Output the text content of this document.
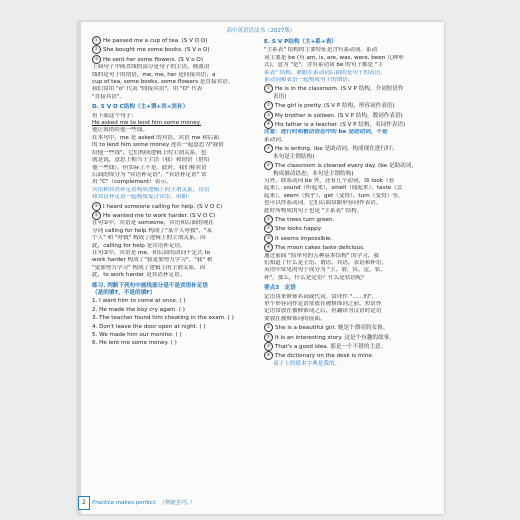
高中英语语法书（2027版）
① He passed me a cup of tea. (S V O O)
② She bought me some books. (S V o O)
③ He sent her some flowers. (S V o O)
上面句子中画直线的部分是句子的主语，画波浪
线的是句子的谓语，me, me, her 是间接宾语；a
cup of tea, some books, some flowers 是直接宾语。
我们常用 "o" 代表 "间接宾语"，用 "O" 代表
"直接宾语"。
D. S V O C结构（主+谓+宾+宾补）
看下面这个句子：
He asked me to lend him some money.
他让我借给他一些钱。
在本句中，me 是 asked 的宾语，宾语 me 和后面
的 to lend him some money 连在一起意思为"我借
给他一些钱"，它们构成逻辑上的主谓关系。也
就是说，意思上相当于主语（我）和谓语（借给
他一些钱）。但实际上不是。此时，我们称宾语
后面的成分为 "宾语补足语"，"宾语补足语" 常
用 "C"（complement）表示。
宾语和宾语补足语构成逻辑上的主谓关系，宾语
和宾语补足语一起构成复合宾语。再如：
① I heard someone calling for help. (S V O C)
② He wanted me to work harder. (S V O C)
在句①中，宾语是 someone，宾语和后面的现在
分词 calling for help 构成了"某个人呼救"，"某
个人" 和 "呼救" 构成了逻辑上的主谓关系。因
此，calling for help 是宾语补足语。
在句②中，宾语是 me，和后面的动词不定式 to
work harder 构成了"我更加努力学习"，"我" 和
"更加努力学习" 构成了逻辑上的主谓关系。因
此，to work harder 是宾语补足语。
练习. 判断下列句中画线部分是不是宾语补足语
（是的填T，不是的填F）
1. I want him to come at once. ( )
2. He made the boy cry again. ( )
3. The teacher found him cheating in the exam. ( )
4. Don't leave the door open at night. ( )
5. We made him our monitor. ( )
6. He lent me some money. ( )
E. S V P结构（主+系+表）
"主系表" 结构的主要特征是含有系动词。系动
词主要是 be (有 am, is, are, was, were, been 几种形
式)，意为 "是"。含有系动词 be 的句子都是 "主
系表" 结构。紧跟在系动词后面的是句子的表语，
系动词和表语一起构成句子的谓语。
① He is in the classroom. (S V P 结构，介词短语作
表语)
② The girl is pretty. (S V P 结构，形容词作表语)
③ My brother is sixteen. (S V P 结构，数词作表语)
④ His father is a teacher. (S V P 结构，名词作表语)
注意：进行时和被动语态中的 be 是助动词，不是
系动词。
① He is writing. (be 是助动词，构成现在进行时；
本句是主谓结构)
② The classroom is cleaned every day. (be 是助动词，
构成被动语态；本句是主谓结构)
另外，除系动词 be 外，还有几个动词，如 look（看
起来），sound（听起来），smell（闻起来），taste（尝
起来），seem（似乎），get（变得），turn（变得）等，
也可以作系动词，它们后面常跟形容词作表语。
此时所构成的句子也是 "主系表" 结构。
① The trees turn green.
② She looks happy.
③ It seems impossible.
④ The moon cakes taste delicious.
通过前面 "简单句的五种基本结构" 的学习，我
们知道了什么是主语、谓语、宾语、表语和补语。
英语中常见的句子成分为 "主、谓、宾、定、状、
补"。那么，什么是定语？什么是状语呢？
要点3　定语
定语用来修饰名词或代词。常译作 "……的"。
单个形容词作定语常放在被修饰词之前，短语作
定语常放在被修饰词之后，但翻译为汉语时定语
要放在被修饰词的前面。
① She is a beautiful girl. 她是个漂亮的女孩。
② It is an interesting story. 这是个有趣的故事。
③ That's a good idea. 那是一个不错的主意。
④ The dictionary on the desk is mine.
桌子上的那本字典是我的。
Practice makes perfect. （熟能生巧。）
2
